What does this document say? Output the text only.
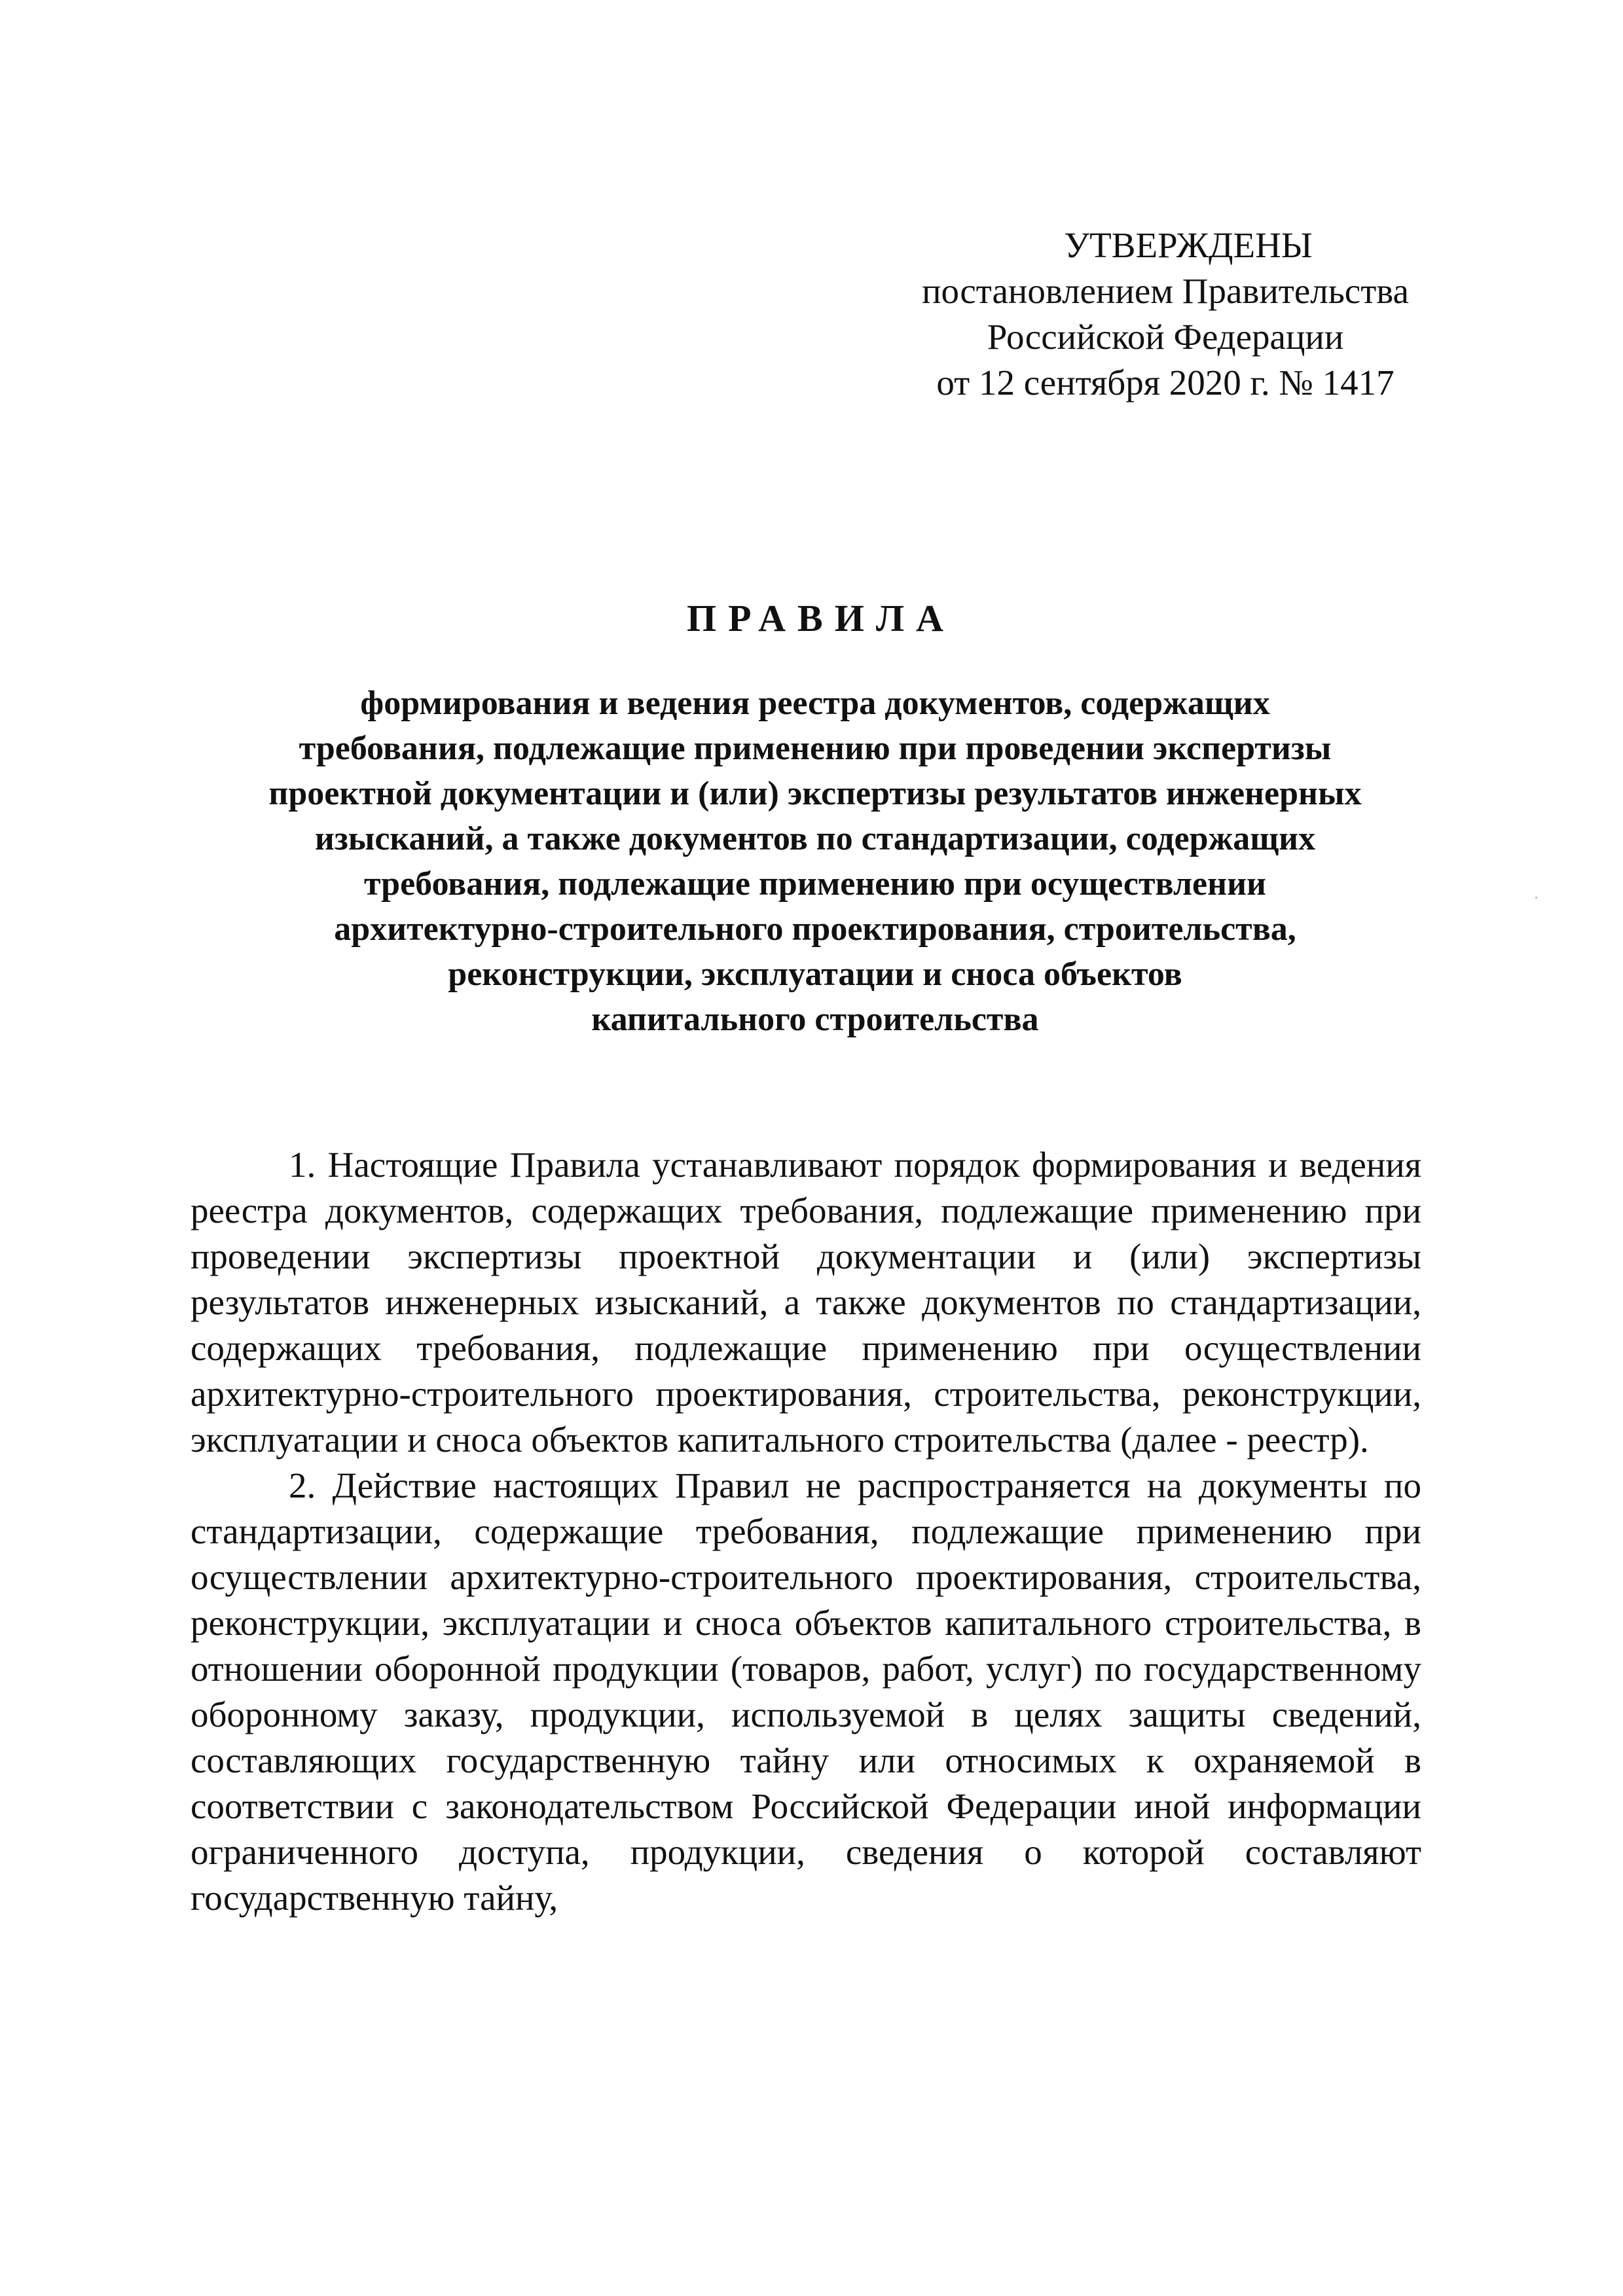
УТВЕРЖДЕНЫ
постановлением Правительства
Российской Федерации
от 12 сентября 2020 г. № 1417
ПРАВИЛА

формирования и ведения реестра документов, содержащих
требования, подлежащие применению при проведении экспертизы
проектной документации и (или) экспертизы результатов инженерных
изысканий, а также документов по стандартизации, содержащих
требования, подлежащие применению при осуществлении
архитектурно-строительного проектирования, строительства,
реконструкции, эксплуатации и сноса объектов
капитального строительства

1. Настоящие Правила устанавливают порядок формирования и ведения реестра документов, содержащих требования, подлежащие применению при проведении экспертизы проектной документации и (или) экспертизы результатов инженерных изысканий, а также документов по стандартизации, содержащих требования, подлежащие применению при осуществлении архитектурно-строительного проектирования, строительства, реконструкции, эксплуатации и сноса объектов капитального строительства (далее - реестр).

2. Действие настоящих Правил не распространяется на документы по стандартизации, содержащие требования, подлежащие применению при осуществлении архитектурно-строительного проектирования, строительства, реконструкции, эксплуатации и сноса объектов капитального строительства, в отношении оборонной продукции (товаров, работ, услуг) по государственному оборонному заказу, продукции, используемой в целях защиты сведений, составляющих государственную тайну или относимых к охраняемой в соответствии с законодательством Российской Федерации иной информации ограниченного доступа, продукции, сведения о которой составляют государственную тайну,
